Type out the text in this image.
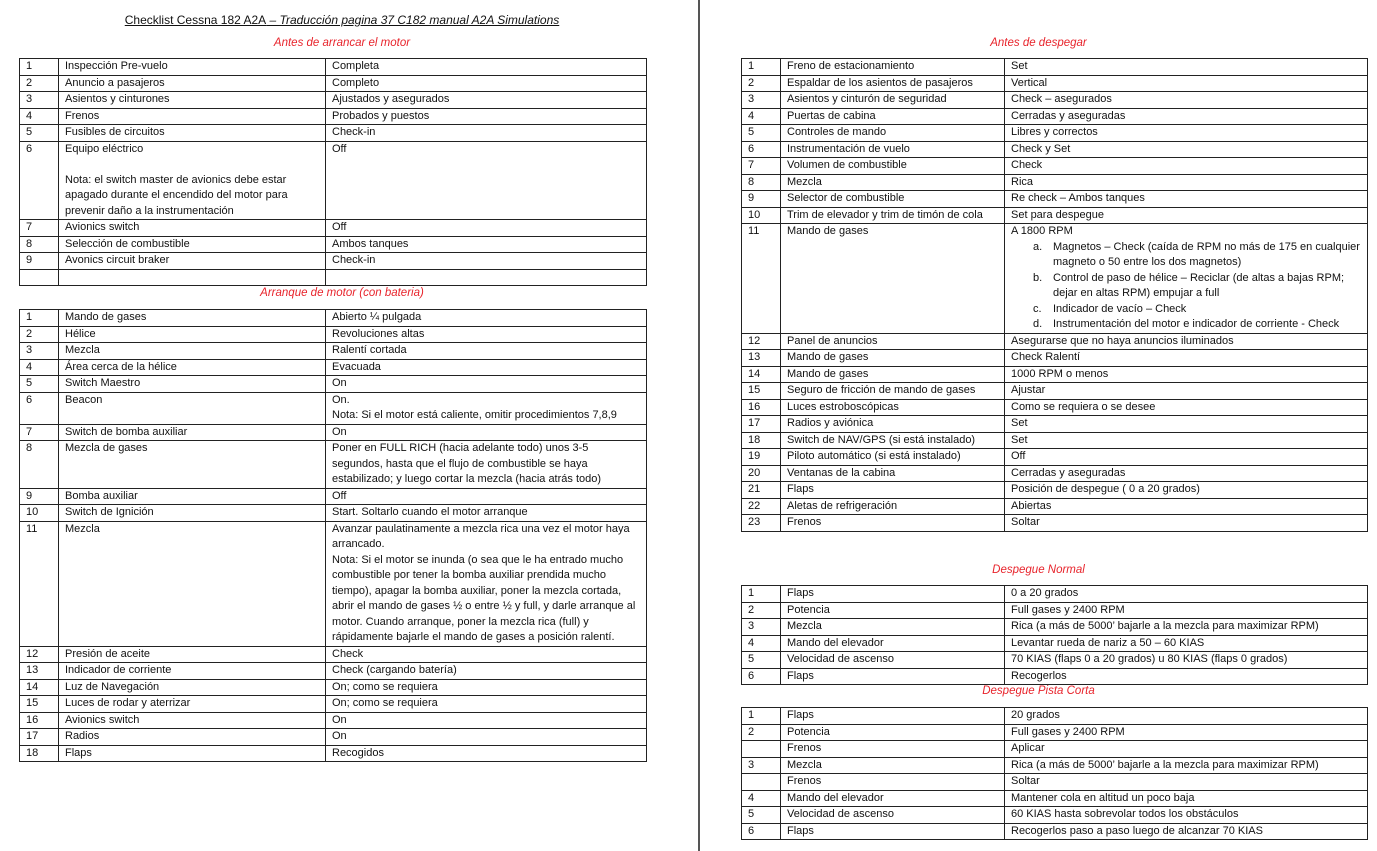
Checklist Cessna 182 A2A – Traducción pagina 37 C182 manual A2A Simulations
Antes de arrancar el motor
1	Inspección Pre-vuelo	Completa

2	Anuncio a pasajeros	Completo

3	Asientos y cinturones	Ajustados y asegurados

4	Frenos	Probados y puestos

5	Fusibles de circuitos	Check-in

6	Equipo eléctrico
Nota: el switch master de avionics debe estar apagado durante el encendido del motor para prevenir daño a la instrumentación	Off

7	Avionics switch	Off

8	Selección de combustible	Ambos tanques

9	Avonics circuit braker	Check-in

Arranque de motor (con bateria)
1	Mando de gases	Abierto ¼ pulgada

2	Hélice	Revoluciones altas

3	Mezcla	Ralentí cortada

4	Área cerca de la hélice	Evacuada

5	Switch Maestro	On

6	Beacon	On.
Nota: Si el motor está caliente, omitir procedimientos 7,8,9

7	Switch de bomba auxiliar	On

8	Mezcla de gases	Poner en FULL RICH (hacia adelante todo) unos 3-5 segundos, hasta que el flujo de combustible se haya estabilizado; y luego cortar la mezcla (hacia atrás todo)

9	Bomba auxiliar	Off

10	Switch de Ignición	Start. Soltarlo cuando el motor arranque

11	Mezcla	Avanzar paulatinamente a mezcla rica una vez el motor haya arrancado.
Nota: Si el motor se inunda (o sea que le ha entrado mucho combustible por tener la bomba auxiliar prendida mucho tiempo), apagar la bomba auxiliar, poner la mezcla cortada, abrir el mando de gases ½ o entre ½ y full, y darle arranque al motor. Cuando arranque, poner la mezcla rica (full) y rápidamente bajarle el mando de gases a posición ralentí.

12	Presión de aceite	Check

13	Indicador de corriente	Check (cargando batería)

14	Luz de Navegación	On; como se requiera

15	Luces de rodar y aterrizar	On; como se requiera

16	Avionics switch	On

17	Radios	On

18	Flaps	Recogidos
Antes de despegar
1	Freno de estacionamiento	Set

2	Espaldar de los asientos de pasajeros	Vertical

3	Asientos y cinturón de seguridad	Check – asegurados

4	Puertas de cabina	Cerradas y aseguradas

5	Controles de mando	Libres y correctos

6	Instrumentación de vuelo	Check y Set

7	Volumen de combustible	Check

8	Mezcla	Rica

9	Selector de combustible	Re check – Ambos tanques

10	Trim de elevador y trim de timón de cola	Set para despegue

11	Mando de gases	A 1800 RPM
a. Magnetos – Check (caída de RPM no más de 175 en cualquier magneto o 50 entre los dos magnetos)
b. Control de paso de hélice – Reciclar (de altas a bajas RPM; dejar en altas RPM) empujar a full
c. Indicador de vacío – Check
d. Instrumentación del motor e indicador de corriente - Check

12	Panel de anuncios	Asegurarse que no haya anuncios iluminados

13	Mando de gases	Check Ralentí

14	Mando de gases	1000 RPM o menos

15	Seguro de fricción de mando de gases	Ajustar

16	Luces estroboscópicas	Como se requiera o se desee

17	Radios y aviónica	Set

18	Switch de NAV/GPS (si está instalado)	Set

19	Piloto automático (si está instalado)	Off

20	Ventanas de la cabina	Cerradas y aseguradas

21	Flaps	Posición de despegue ( 0 a 20 grados)

22	Aletas de refrigeración	Abiertas

23	Frenos	Soltar
Despegue Normal
1	Flaps	0 a 20 grados

2	Potencia	Full gases y 2400 RPM

3	Mezcla	Rica (a más de 5000’ bajarle a la mezcla para maximizar RPM)

4	Mando del elevador	Levantar rueda de nariz a 50 – 60 KIAS

5	Velocidad de ascenso	70 KIAS (flaps 0 a 20 grados) u 80 KIAS (flaps 0 grados)

6	Flaps	Recogerlos
Despegue Pista Corta
1	Flaps	20 grados

2	Potencia	Full gases y 2400 RPM

	Frenos	Aplicar

3	Mezcla	Rica (a más de 5000’ bajarle a la mezcla para maximizar RPM)

	Frenos	Soltar

4	Mando del elevador	Mantener cola en altitud un poco baja

5	Velocidad de ascenso	60 KIAS hasta sobrevolar todos los obstáculos

6	Flaps	Recogerlos paso a paso luego de alcanzar 70 KIAS
